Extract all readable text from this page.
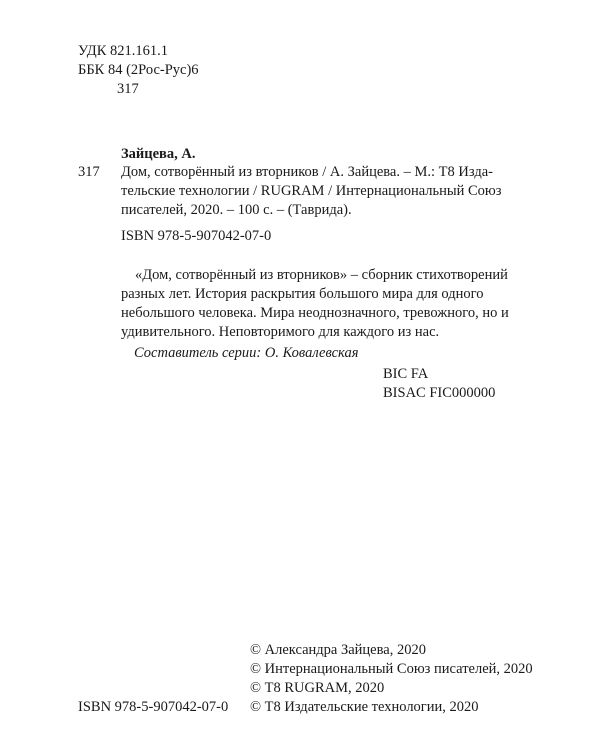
УДК 821.161.1
ББК 84 (2Рос-Рус)6
317
Зайцева, А.
317 Дом, сотворённый из вторников / А. Зайцева. – М.: Т8 Изда-
тельские технологии / RUGRAM / Интернациональный Союз
писателей, 2020. – 100 с. – (Таврида).
ISBN 978-5-907042-07-0
«Дом, сотворённый из вторников» – сборник стихотворений
разных лет. История раскрытия большого мира для одного
небольшого человека. Мира неоднозначного, тревожного, но и
удивительного. Неповторимого для каждого из нас.
Составитель серии: О. Ковалевская
BIC FA
BISAC FIC000000
© Александра Зайцева, 2020
© Интернациональный Союз писателей, 2020
© Т8 RUGRAM, 2020
© Т8 Издательские технологии, 2020
ISBN 978-5-907042-07-0
